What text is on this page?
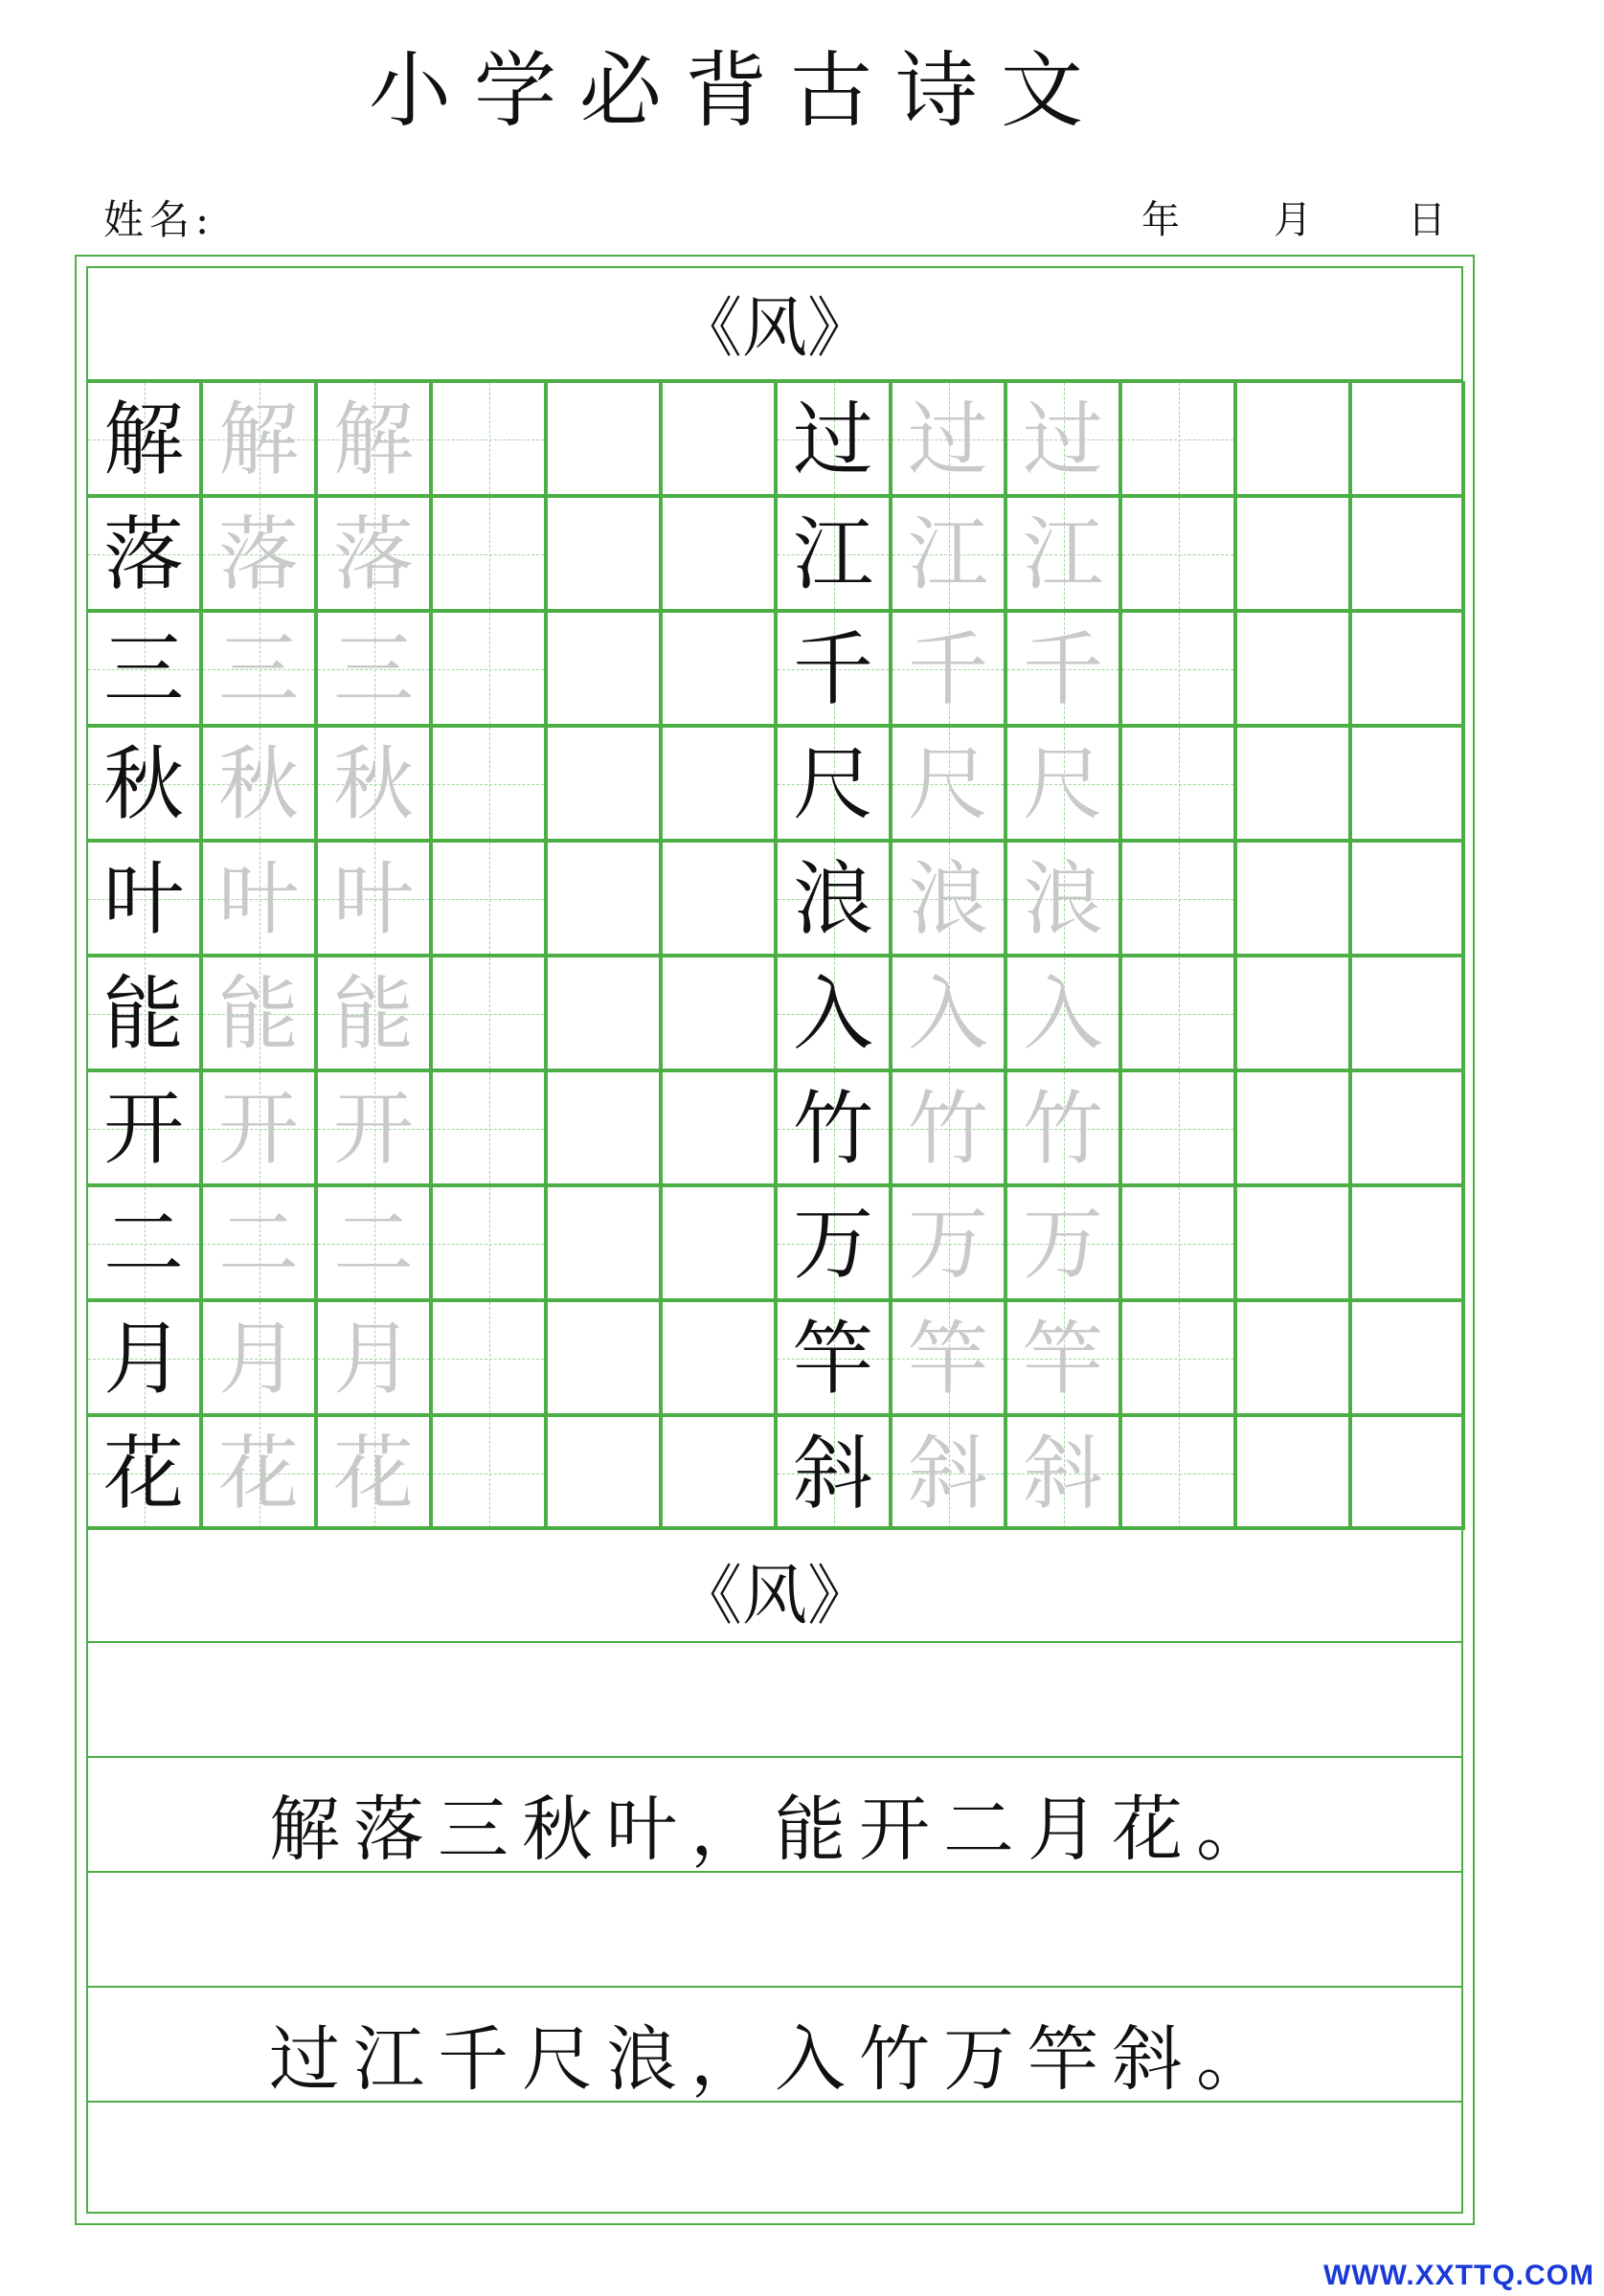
小学必背古诗文
姓名:	年 月	日
《风》
解 解 解
落 落 落
三 三 三
秋 秋 秋
叶 叶 叶
能 能 能
开 开 开
二 二 二
月 月 月
花 花 花
过 过 过
江 江 江
千 千 千
尺 尺 尺
浪 浪 浪
入 入 入
竹 竹 竹
万 万 万
竿 竿 竿
斜 斜 斜
《风》
解落三秋叶，能开二月花。
过江千尺浪，入竹万竿斜。
WWW.XXTTQ.COM
